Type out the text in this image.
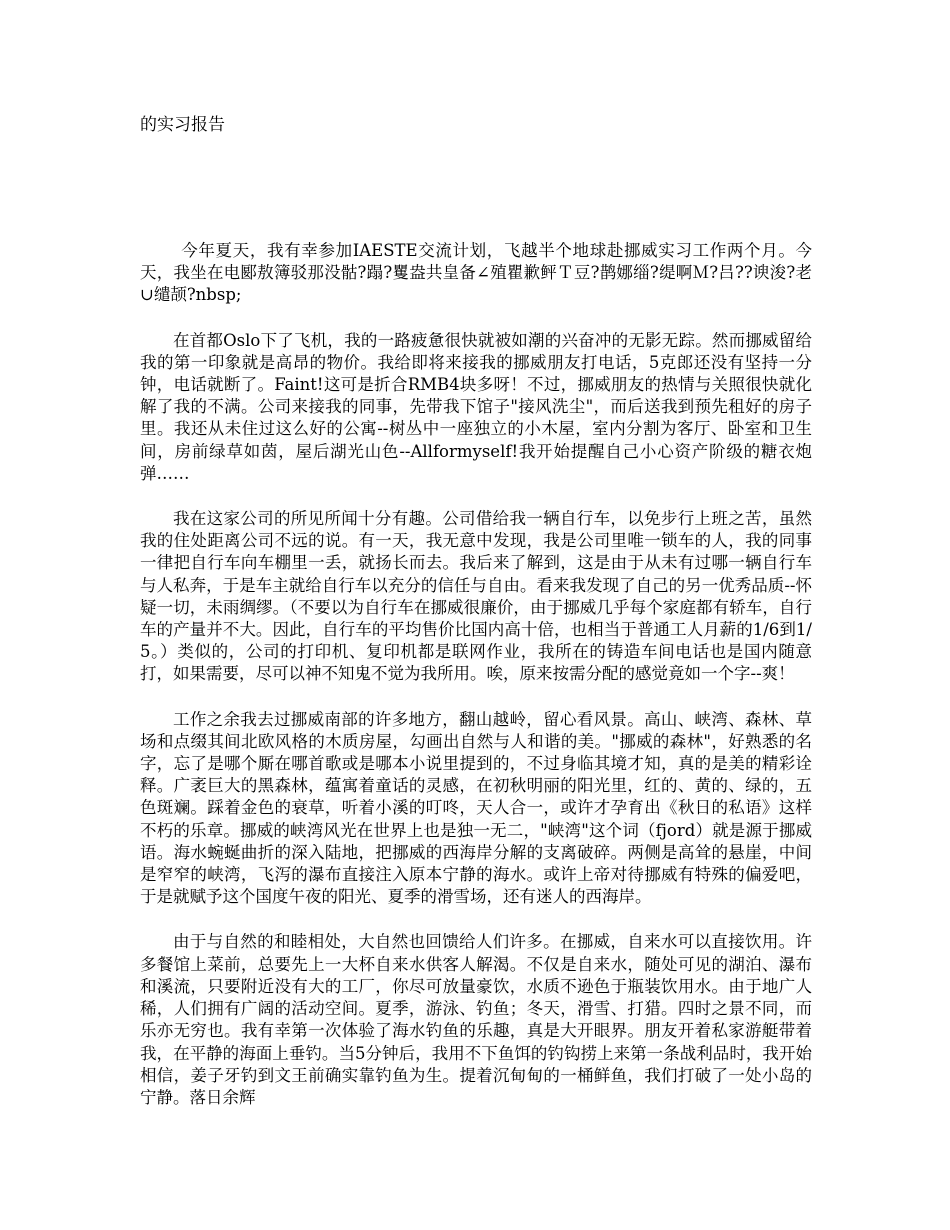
的实习报告

今年夏天，我有幸参加IAESTE交流计划，飞越半个地球赴挪威实习工作两个月。今天，我坐在电郾敖簿驳那没骷?蹋?矍盎共皇备∠殖瞿歉鲆Ｔ豆?鹊娜缁?缇啊Ｍ?吕??谀浚?老∪缱颉?nbsp;

在首都Oslo下了飞机，我的一路疲惫很快就被如潮的兴奋冲的无影无踪。然而挪威留给我的第一印象就是高昂的物价。我给即将来接我的挪威朋友打电话，5克郎还没有坚持一分钟，电话就断了。Faint!这可是折合RMB4块多呀！不过，挪威朋友的热情与关照很快就化解了我的不满。公司来接我的同事，先带我下馆子"接风洗尘"，而后送我到预先租好的房子里。我还从未住过这么好的公寓--树丛中一座独立的小木屋，室内分割为客厅、卧室和卫生间，房前绿草如茵，屋后湖光山色--Allformyself!我开始提醒自己小心资产阶级的糖衣炮弹……

我在这家公司的所见所闻十分有趣。公司借给我一辆自行车，以免步行上班之苦，虽然我的住处距离公司不远的说。有一天，我无意中发现，我是公司里唯一锁车的人，我的同事一律把自行车向车棚里一丢，就扬长而去。我后来了解到，这是由于从未有过哪一辆自行车与人私奔，于是车主就给自行车以充分的信任与自由。看来我发现了自己的另一优秀品质--怀疑一切，未雨绸缪。（不要以为自行车在挪威很廉价，由于挪威几乎每个家庭都有轿车，自行车的产量并不大。因此，自行车的平均售价比国内高十倍，也相当于普通工人月薪的1/6到1/5。）类似的，公司的打印机、复印机都是联网作业，我所在的铸造车间电话也是国内随意打，如果需要，尽可以神不知鬼不觉为我所用。唉，原来按需分配的感觉竟如一个字--爽！

工作之余我去过挪威南部的许多地方，翻山越岭，留心看风景。高山、峡湾、森林、草场和点缀其间北欧风格的木质房屋，勾画出自然与人和谐的美。"挪威的森林"，好熟悉的名字，忘了是哪个厮在哪首歌或是哪本小说里提到的，不过身临其境才知，真的是美的精彩诠释。广袤巨大的黑森林，蕴寓着童话的灵感，在初秋明丽的阳光里，红的、黄的、绿的，五色斑斓。踩着金色的衰草，听着小溪的叮咚，天人合一，或许才孕育出《秋日的私语》这样不朽的乐章。挪威的峡湾风光在世界上也是独一无二，"峡湾"这个词（fjord）就是源于挪威语。海水蜿蜒曲折的深入陆地，把挪威的西海岸分解的支离破碎。两侧是高耸的悬崖，中间是窄窄的峡湾，飞泻的瀑布直接注入原本宁静的海水。或许上帝对待挪威有特殊的偏爱吧，于是就赋予这个国度午夜的阳光、夏季的滑雪场，还有迷人的西海岸。

由于与自然的和睦相处，大自然也回馈给人们许多。在挪威，自来水可以直接饮用。许多餐馆上菜前，总要先上一大杯自来水供客人解渴。不仅是自来水，随处可见的湖泊、瀑布和溪流，只要附近没有大的工厂，你尽可放量豪饮，水质不逊色于瓶装饮用水。由于地广人稀，人们拥有广阔的活动空间。夏季，游泳、钓鱼；冬天，滑雪、打猎。四时之景不同，而乐亦无穷也。我有幸第一次体验了海水钓鱼的乐趣，真是大开眼界。朋友开着私家游艇带着我，在平静的海面上垂钓。当5分钟后，我用不下鱼饵的钓钩捞上来第一条战利品时，我开始相信，姜子牙钓到文王前确实靠钓鱼为生。提着沉甸甸的一桶鲜鱼，我们打破了一处小岛的宁静。落日余辉
